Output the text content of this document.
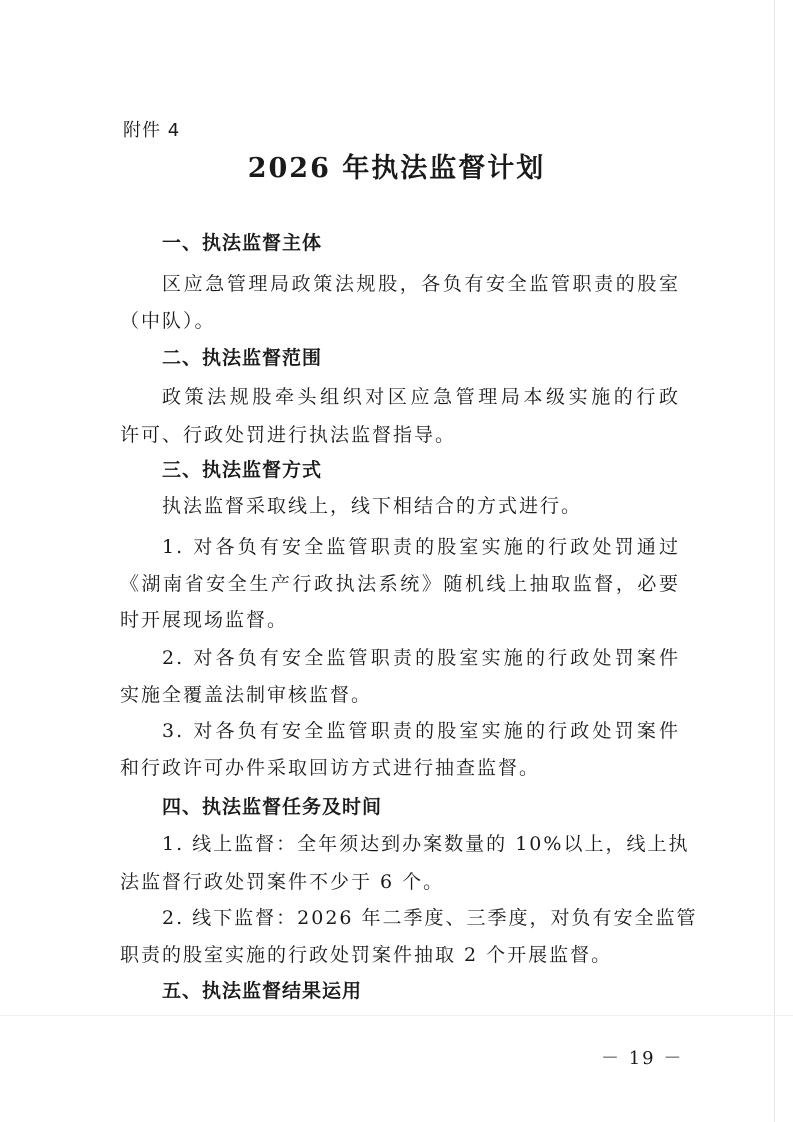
附件 4
2026 年执法监督计划
一、执法监督主体
区应急管理局政策法规股，各负有安全监管职责的股室
（中队）。
二、执法监督范围
政策法规股牵头组织对区应急管理局本级实施的行政
许可、行政处罚进行执法监督指导。
三、执法监督方式
执法监督采取线上，线下相结合的方式进行。
1. 对各负有安全监管职责的股室实施的行政处罚通过
《湖南省安全生产行政执法系统》随机线上抽取监督，必要
时开展现场监督。
2. 对各负有安全监管职责的股室实施的行政处罚案件
实施全覆盖法制审核监督。
3. 对各负有安全监管职责的股室实施的行政处罚案件
和行政许可办件采取回访方式进行抽查监督。
四、执法监督任务及时间
1. 线上监督：全年须达到办案数量的 10%以上，线上执
法监督行政处罚案件不少于 6 个。
2. 线下监督：2026 年二季度、三季度，对负有安全监管
职责的股室实施的行政处罚案件抽取 2 个开展监督。
五、执法监督结果运用
－ 19 －
